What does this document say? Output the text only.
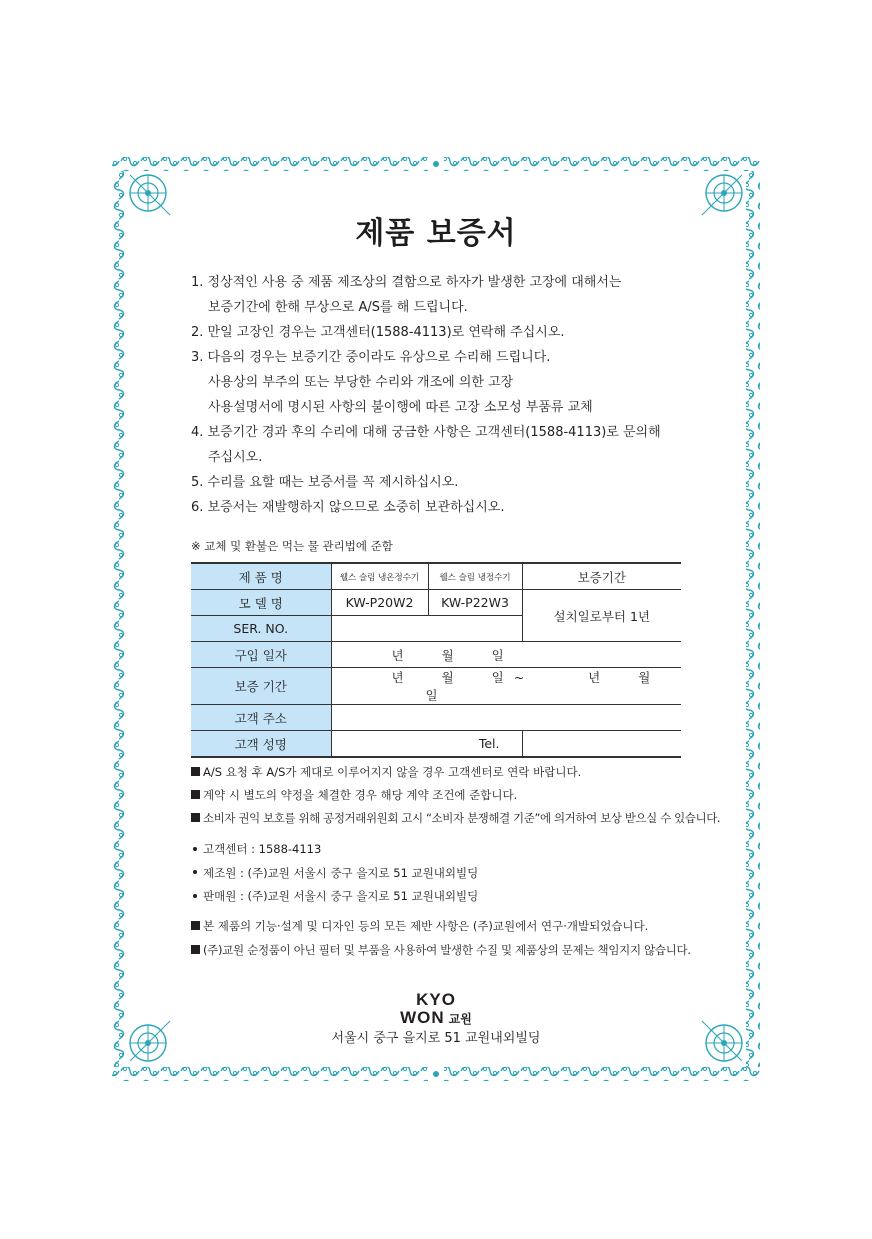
제품 보증서
1. 정상적인 사용 중 제품 제조상의 결함으로 하자가 발생한 고장에 대해서는
보증기간에 한해 무상으로 A/S를 해 드립니다.
2. 만일 고장인 경우는 고객센터(1588-4113)로 연락해 주십시오.
3. 다음의 경우는 보증기간 중이라도 유상으로 수리해 드립니다.
사용상의 부주의 또는 부당한 수리와 개조에 의한 고장
사용설명서에 명시된 사항의 불이행에 따른 고장 소모성 부품류 교체
4. 보증기간 경과 후의 수리에 대해 궁금한 사항은 고객센터(1588-4113)로 문의해
주십시오.
5. 수리를 요할 때는 보증서를 꼭 제시하십시오.
6. 보증서는 재발행하지 않으므로 소중히 보관하십시오.
※ 교체 및 환불은 먹는 물 관리법에 준함
제 품 명	웰스 슬림 냉온정수기	웰스 슬림 냉정수기	보증기간
모 델 명	KW-P20W2	KW-P22W3	설치일로부터 1년
SER. NO.			
구입 일자	년 월 일		
보증 기간	년 월 일 ~ 년 월 일		
고객 주소			
고객 성명	Tel.		
A/S 요청 후 A/S가 제대로 이루어지지 않을 경우 고객센터로 연락 바랍니다.
계약 시 별도의 약정을 체결한 경우 해당 계약 조건에 준합니다.
소비자 권익 보호를 위해 공정거래위원회 고시 “소비자 분쟁해결 기준”에 의거하여 보상 받으실 수 있습니다.
고객센터 : 1588-4113
제조원 : (주)교원 서울시 중구 을지로 51 교원내외빌딩
판매원 : (주)교원 서울시 중구 을지로 51 교원내외빌딩
본 제품의 기능·설계 및 디자인 등의 모든 제반 사항은 (주)교원에서 연구·개발되었습니다.
(주)교원 순정품이 아닌 필터 및 부품을 사용하여 발생한 수질 및 제품상의 문제는 책임지지 않습니다.
KYO
WON 교원
서울시 중구 을지로 51 교원내외빌딩
